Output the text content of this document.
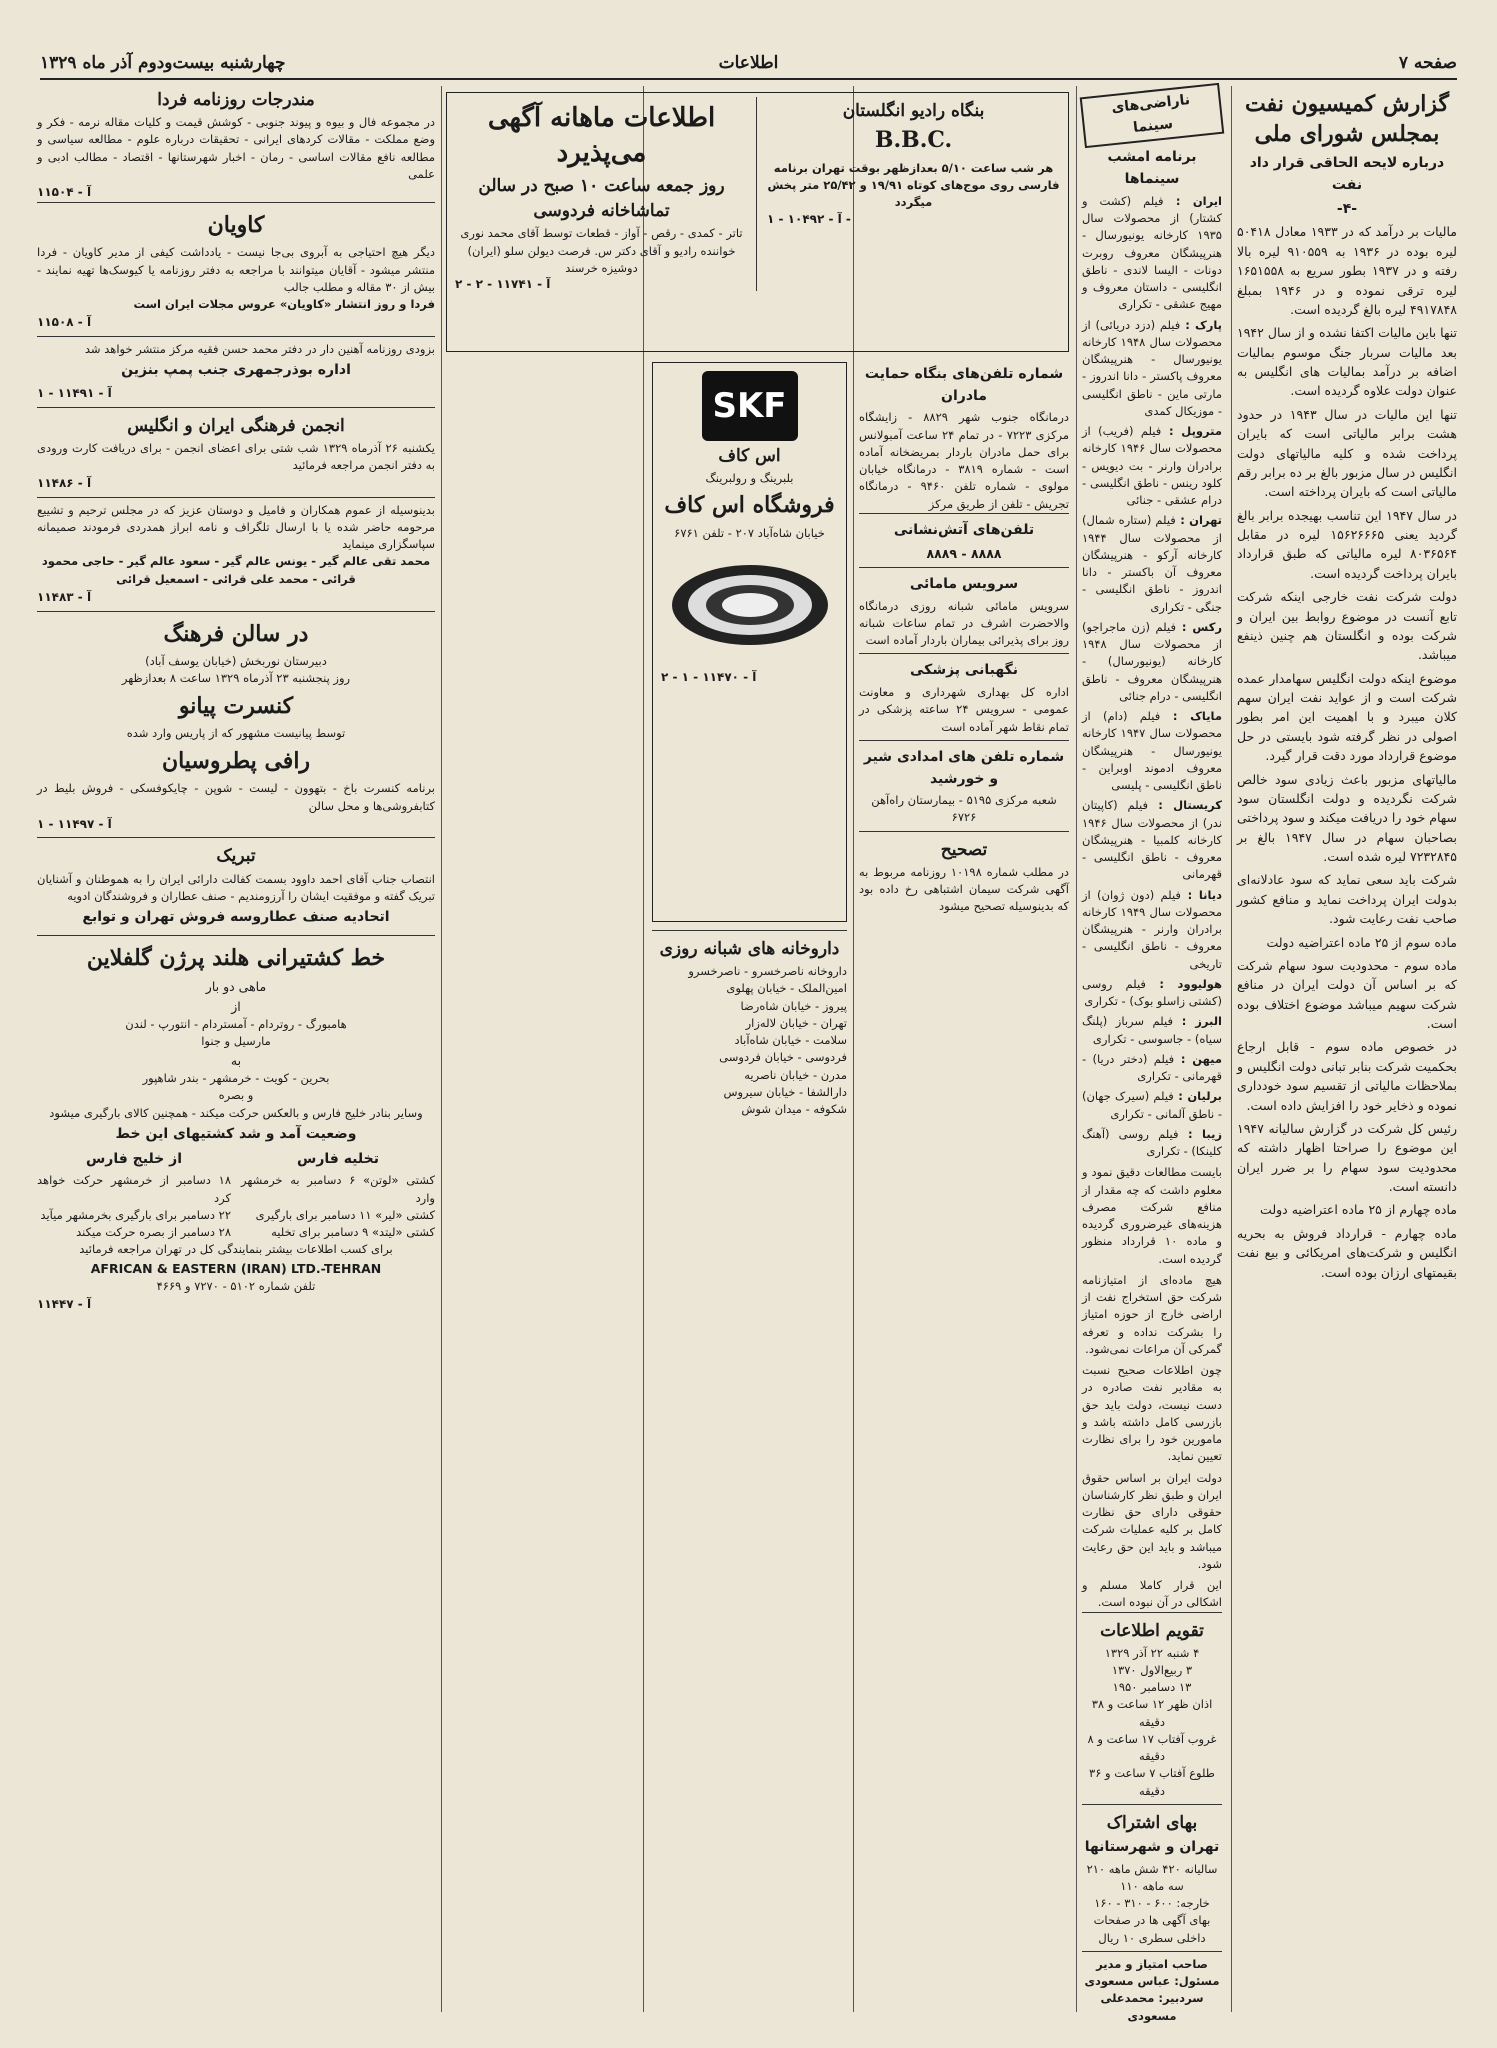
صفحه ۷
اطلاعات
چهارشنبه بیست‌ودوم آذر ماه ۱۳۲۹
گزارش کمیسیون نفت بمجلس شورای ملی
درباره لایحه الحاقی قرار داد نفت
-۴-
مالیات بر درآمد که در ۱۹۳۳ معادل ۵۰۴۱۸ لیره بوده در ۱۹۳۶ به ۹۱۰۵۵۹ لیره بالا رفته و در ۱۹۳۷ بطور سریع به ۱۶۵۱۵۵۸ لیره ترقی نموده و در ۱۹۴۶ بمبلغ ۴۹۱۷۸۴۸ لیره بالغ گردیده است.
تنها باین مالیات اکتفا نشده و از سال ۱۹۴۲ بعد مالیات سربار جنگ موسوم بمالیات اضافه بر درآمد بمالیات های انگلیس به عنوان دولت علاوه گردیده است.
تنها این مالیات در سال ۱۹۴۳ در حدود هشت برابر مالیاتی است که بایران پرداخت شده و کلیه مالیاتهای دولت انگلیس در سال مزبور بالغ بر ده برابر رقم مالیاتی است که بایران پرداخته است.
در سال ۱۹۴۷ این تناسب بهیجده برابر بالغ گردید یعنی ۱۵۶۲۶۶۶۵ لیره در مقابل ۸۰۳۶۵۶۴ لیره مالیاتی که طبق قرارداد بایران پرداخت گردیده است.
دولت شرکت نفت خارجی اینکه شرکت تابع آنست در موضوع روابط بین ایران و شرکت بوده و انگلستان هم چنین ذینفع میباشد.
موضوع اینکه دولت انگلیس سهامدار عمده شرکت است و از عواید نفت ایران سهم کلان میبرد و با اهمیت این امر بطور اصولی در نظر گرفته شود بایستی در حل موضوع قرارداد مورد دقت قرار گیرد.
مالیاتهای مزبور باعث زیادی سود خالص شرکت نگردیده و دولت انگلستان سود سهام خود را دریافت میکند و سود پرداختی بصاحبان سهام در سال ۱۹۴۷ بالغ بر ۷۲۳۲۸۴۵ لیره شده است.
شرکت باید سعی نماید که سود عادلانه‌ای بدولت ایران پرداخت نماید و منافع کشور صاحب نفت رعایت شود.
ماده سوم از ۲۵ ماده اعتراضیه دولت
ماده سوم - محدودیت سود سهام شرکت که بر اساس آن دولت ایران در منافع شرکت سهیم میباشد موضوع اختلاف بوده است.
در خصوص ماده سوم - قابل ارجاع بحکمیت شرکت بنابر تبانی دولت انگلیس و بملاحظات مالیاتی از تقسیم سود خودداری نموده و ذخایر خود را افزایش داده است.
رئیس کل شرکت در گزارش سالیانه ۱۹۴۷ این موضوع را صراحتا اظهار داشته که محدودیت سود سهام را بر ضرر ایران دانسته است.
ماده چهارم از ۲۵ ماده اعتراضیه دولت
ماده چهارم - قرارداد فروش به بحریه انگلیس و شرکت‌های امریکائی و بیع نفت بقیمتهای ارزان بوده است.
ناراضی‌های سینما
برنامه امشب سینماها
ایران : فیلم (کشت و کشتار) از محصولات سال ۱۹۳۵ کارخانه یونیورسال - هنرپیشگان معروف روبرت دونات - الیسا لاندی - ناطق انگلیسی - داستان معروف و مهیج عشقی - تکراری
پارک : فیلم (دزد دریائی) از محصولات سال ۱۹۴۸ کارخانه یونیورسال - هنرپیشگان معروف پاکستر - دانا اندروز - مارتی ماین - ناطق انگلیسی - موزیکال کمدی
متروپل : فیلم (فریب) از محصولات سال ۱۹۴۶ کارخانه برادران وارنر - بت دیویس - کلود رینس - ناطق انگلیسی - درام عشقی - جنائی
تهران : فیلم (ستاره شمال) از محصولات سال ۱۹۴۴ کارخانه آرکو - هنرپیشگان معروف آن باکستر - دانا اندروز - ناطق انگلیسی - جنگی - تکراری
رکس : فیلم (زن ماجراجو) از محصولات سال ۱۹۴۸ کارخانه (یونیورسال) - هنرپیشگان معروف - ناطق انگلیسی - درام جنائی
مایاک : فیلم (دام) از محصولات سال ۱۹۴۷ کارخانه یونیورسال - هنرپیشگان معروف ادموند اوبراین - ناطق انگلیسی - پلیسی
کریستال : فیلم (کاپیتان ندر) از محصولات سال ۱۹۴۶ کارخانه کلمبیا - هنرپیشگان معروف - ناطق انگلیسی - قهرمانی
دیانا : فیلم (دون ژوان) از محصولات سال ۱۹۴۹ کارخانه برادران وارنر - هنرپیشگان معروف - ناطق انگلیسی - تاریخی
هولیوود : فیلم روسی (کشتی زاسلو بوک) - تکراری
البرز : فیلم سرباز (پلنگ سیاه) - جاسوسی - تکراری
میهن : فیلم (دختر دریا) - قهرمانی - تکراری
برلیان : فیلم (سیرک جهان) - ناطق آلمانی - تکراری
زیبا : فیلم روسی (آهنگ کلینکا) - تکراری
بایست مطالعات دقیق نمود و معلوم داشت که چه مقدار از منافع شرکت مصرف هزینه‌های غیرضروری گردیده و ماده ۱۰ قرارداد منظور گردیده است.
هیچ ماده‌ای از امتیازنامه شرکت حق استخراج نفت از اراضی خارج از حوزه امتیاز را بشرکت نداده و تعرفه گمرکی آن مراعات نمی‌شود.
چون اطلاعات صحیح نسبت به مقادیر نفت صادره در دست نیست، دولت باید حق بازرسی کامل داشته باشد و مامورین خود را برای نظارت تعیین نماید.
دولت ایران بر اساس حقوق ایران و طبق نظر کارشناسان حقوقی دارای حق نظارت کامل بر کلیه عملیات شرکت میباشد و باید این حق رعایت شود.
این قرار کاملا مسلم و اشکالی در آن نبوده است.
تقویم اطلاعات
۴ شنبه ۲۲ آذر ۱۳۲۹
۳ ربیع‌الاول ۱۳۷۰
۱۳ دسامبر ۱۹۵۰
اذان ظهر ۱۲ ساعت و ۳۸ دقیقه
غروب آفتاب ۱۷ ساعت و ۸ دقیقه
طلوع آفتاب ۷ ساعت و ۳۶ دقیقه
بهای اشتراک
تهران و شهرستانها
سالیانه ۴۲۰ شش ماهه ۲۱۰ سه ماهه ۱۱۰
خارجه: ۶۰۰ - ۳۱۰ - ۱۶۰
بهای آگهی ها در صفحات داخلی سطری ۱۰ ریال
صاحب امتیاز و مدیر مسئول: عباس مسعودی
سردبیر: محمدعلی مسعودی
بنگاه رادیو انگلستان
B.B.C.
هر شب ساعت ۵/۱۰ بعدازظهر بوقت تهران برنامه فارسی روی موج‌های کوتاه ۱۹/۹۱ و ۲۵/۴۲ متر پخش میگردد
آ - ۱۰۴۹۲ - ۱ -
اطلاعات ماهانه آگهی می‌پذیرد
روز جمعه ساعت ۱۰ صبح در سالن
تماشاخانه فردوسی
تاتر - کمدی - رقص - آواز - قطعات توسط آقای محمد نوری خواننده رادیو و آقای دکتر س. فرصت دیولن سلو (ایران) دوشیزه خرسند
آ - ۱۱۷۴۱ - ۲ - ۲
شماره تلفن‌های بنگاه حمایت مادران
درمانگاه جنوب شهر ۸۸۲۹ - زایشگاه مرکزی ۷۲۲۳ - در تمام ۲۴ ساعت آمبولانس برای حمل مادران باردار بمریضخانه آماده است - شماره ۳۸۱۹ - درمانگاه خیابان مولوی - شماره تلفن ۹۴۶۰ - درمانگاه تجریش - تلفن از طریق مرکز
تلفن‌های آتش‌نشانی
۸۸۸۸ - ۸۸۸۹
سرویس مامائی
سرویس مامائی شبانه روزی درمانگاه والاحضرت اشرف در تمام ساعات شبانه روز برای پذیرائی بیماران باردار آماده است
نگهبانی پزشکی
اداره کل بهداری شهرداری و معاونت عمومی - سرویس ۲۴ ساعته پزشکی در تمام نقاط شهر آماده است
شماره تلفن های امدادی شیر و خورشید
شعبه مرکزی ۵۱۹۵ - بیمارستان راه‌آهن ۶۷۲۶
تصحیح
در مطلب شماره ۱۰۱۹۸ روزنامه مربوط به آگهی شرکت سیمان اشتباهی رخ داده بود که بدینوسیله تصحیح میشود
SKF
اس کاف
بلبرینگ و رولبرینگ
فروشگاه اس کاف
خیابان شاه‌آباد ۲۰۷ - تلفن ۶۷۶۱
آ - ۱۱۴۷۰ - ۱ - ۲
داروخانه های شبانه روزی
داروخانه ناصرخسرو - ناصرخسرو
امین‌الملک - خیابان پهلوی
پیروز - خیابان شاه‌رضا
تهران - خیابان لاله‌زار
سلامت - خیابان شاه‌آباد
فردوسی - خیابان فردوسی
مدرن - خیابان ناصریه
دارالشفا - خیابان سیروس
شکوفه - میدان شوش
مندرجات روزنامه فردا
در مجموعه فال و بیوه و پیوند جنوبی - کوشش قیمت و کلیات مقاله نرمه - فکر و وضع مملکت - مقالات کردهای ایرانی - تحقیقات درباره علوم - مطالعه سیاسی و مطالعه نافع مقالات اساسی - رمان - اخبار شهرستانها - اقتصاد - مطالب ادبی و علمی
آ - ۱۱۵۰۴
کاویان
دیگر هیچ احتیاجی به آبروی بی‌جا نیست - یادداشت کیفی از مدیر کاویان - فردا منتشر میشود - آقایان میتوانند با مراجعه به دفتر روزنامه یا کیوسک‌ها تهیه نمایند - بیش از ۳۰ مقاله و مطلب جالب
فردا و روز انتشار «کاویان» عروس مجلات ایران است
آ - ۱۱۵۰۸
بزودی روزنامه آهنین دار در دفتر محمد حسن فقیه مرکز منتشر خواهد شد
اداره بوذرجمهری جنب پمپ بنزین
آ - ۱۱۴۹۱ - ۱
انجمن فرهنگی ایران و انگلیس
یکشنبه ۲۶ آذرماه ۱۳۲۹ شب شتی برای اعضای انجمن - برای دریافت کارت ورودی به دفتر انجمن مراجعه فرمائید
آ - ۱۱۴۸۶
بدینوسیله از عموم همکاران و فامیل و دوستان عزیز که در مجلس ترحیم و تشییع مرحومه حاضر شده یا با ارسال تلگراف و نامه ابراز همدردی فرمودند صمیمانه سپاسگزاری مینماید
محمد تقی عالم گیر - یونس عالم گیر - سعود عالم گیر - حاجی محمود قرائی - محمد علی قرائی - اسمعیل قرائی
آ - ۱۱۴۸۳
در سالن فرهنگ
دبیرستان نوربخش (خیابان یوسف آباد)
روز پنجشنبه ۲۳ آذرماه ۱۳۲۹ ساعت ۸ بعدازظهر
کنسرت پیانو
توسط پیانیست مشهور که از پاریس وارد شده
رافی پطروسیان
برنامه کنسرت باخ - بتهوون - لیست - شوپن - چایکوفسکی - فروش بلیط در کتابفروشی‌ها و محل سالن
آ - ۱۱۴۹۷ - ۱
تبریک
انتصاب جناب آقای احمد داوود بسمت کفالت دارائی ایران را به هموطنان و آشنایان تبریک گفته و موفقیت ایشان را آرزومندیم - صنف عطاران و فروشندگان ادویه
اتحادیه صنف عطاروسه فروش تهران و توابع
خط کشتیرانی هلند پرژن گلفلاین
ماهی دو بار
از
هامبورگ - روتردام - آمستردام - انتورپ - لندن
مارسیل و جنوا
به
بحرین - کویت - خرمشهر - بندر شاهپور
و بصره
وسایر بنادر خلیج فارس و بالعکس حرکت میکند - همچنین کالای بارگیری میشود
وضعیت آمد و شد کشتیهای این خط
تخلیه فارس
کشتی «لوتن» ۶ دسامبر به خرمشهر وارد
کشتی «لیر» ۱۱ دسامبر برای بارگیری
کشتی «لیتد» ۹ دسامبر برای تخلیه
از خلیج فارس
۱۸ دسامبر از خرمشهر حرکت خواهد کرد
۲۲ دسامبر برای بارگیری بخرمشهر میآید
۲۸ دسامبر از بصره حرکت میکند
برای کسب اطلاعات بیشتر بنمایندگی کل در تهران مراجعه فرمائید
AFRICAN & EASTERN (IRAN) LTD.-TEHRAN
تلفن شماره ۵۱۰۲ - ۷۲۷۰ و ۴۶۶۹
آ - ۱۱۴۴۷
